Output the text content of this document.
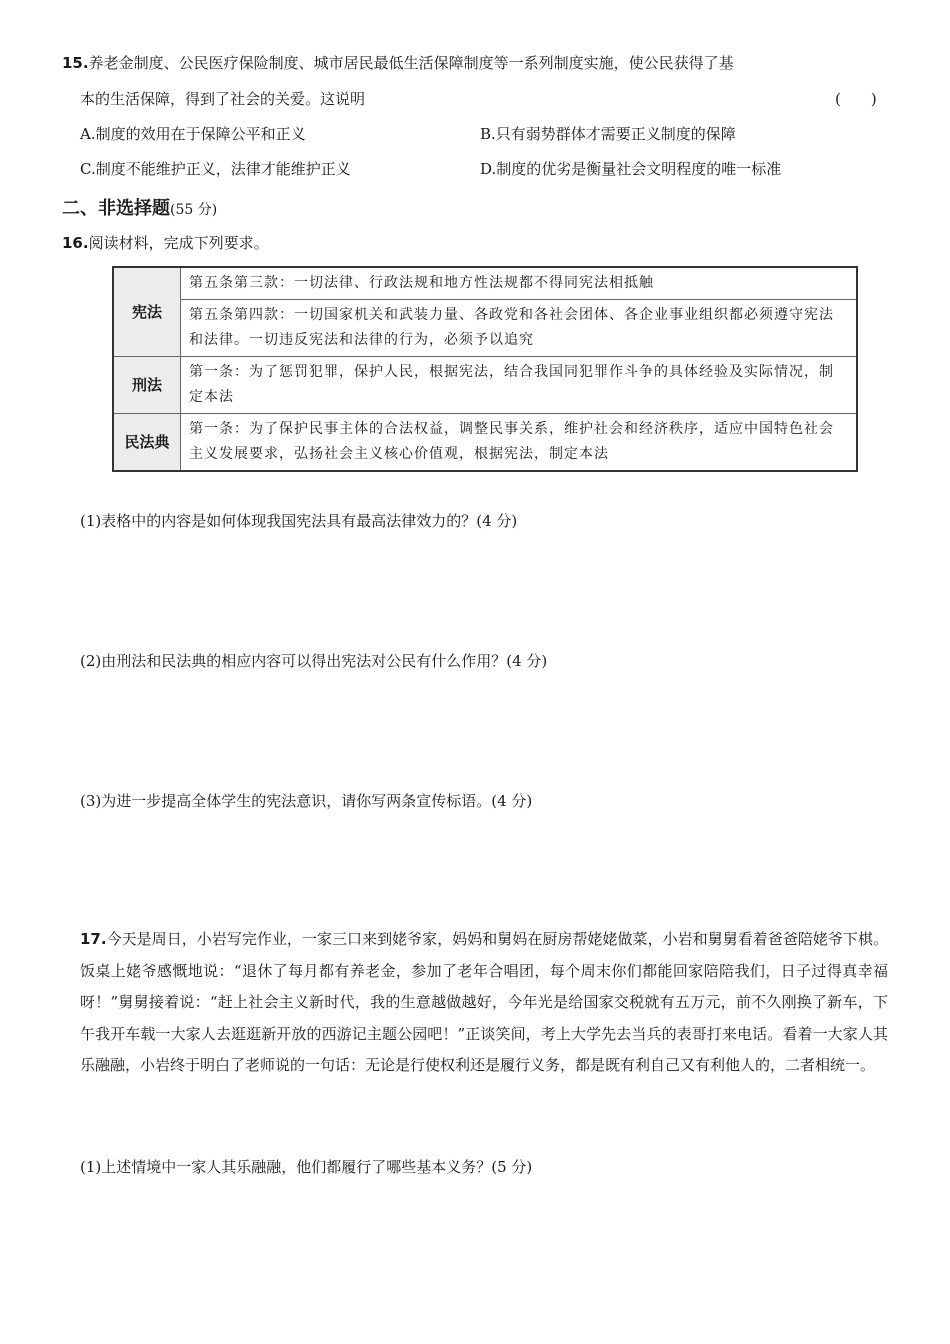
15.养老金制度、公民医疗保险制度、城市居民最低生活保障制度等一系列制度实施，使公民获得了基
本的生活保障，得到了社会的关爱。这说明	(　　)
A.制度的效用在于保障公平和正义	B.只有弱势群体才需要正义制度的保障
C.制度不能维护正义，法律才能维护正义	D.制度的优劣是衡量社会文明程度的唯一标准
二、非选择题(55 分)
16.阅读材料，完成下列要求。
宪法	第五条第三款：一切法律、行政法规和地方性法规都不得同宪法相抵触
	第五条第四款：一切国家机关和武装力量、各政党和各社会团体、各企业事业组织都必须遵守宪法和法律。一切违反宪法和法律的行为，必须予以追究
刑法	第一条：为了惩罚犯罪，保护人民，根据宪法，结合我国同犯罪作斗争的具体经验及实际情况，制定本法
民法典	第一条：为了保护民事主体的合法权益，调整民事关系，维护社会和经济秩序，适应中国特色社会主义发展要求，弘扬社会主义核心价值观，根据宪法，制定本法
(1)表格中的内容是如何体现我国宪法具有最高法律效力的？(4 分)
(2)由刑法和民法典的相应内容可以得出宪法对公民有什么作用？(4 分)
(3)为进一步提高全体学生的宪法意识，请你写两条宣传标语。(4 分)
17.今天是周日，小岩写完作业，一家三口来到姥爷家，妈妈和舅妈在厨房帮姥姥做菜，小岩和舅舅看着爸爸陪姥爷下棋。饭桌上姥爷感慨地说：“退休了每月都有养老金，参加了老年合唱团，每个周末你们都能回家陪陪我们，日子过得真幸福呀！”舅舅接着说：“赶上社会主义新时代，我的生意越做越好，今年光是给国家交税就有五万元，前不久刚换了新车，下午我开车载一大家人去逛逛新开放的西游记主题公园吧！”正谈笑间，考上大学先去当兵的表哥打来电话。看着一大家人其乐融融，小岩终于明白了老师说的一句话：无论是行使权利还是履行义务，都是既有利自己又有利他人的，二者相统一。
(1)上述情境中一家人其乐融融，他们都履行了哪些基本义务？(5 分)
